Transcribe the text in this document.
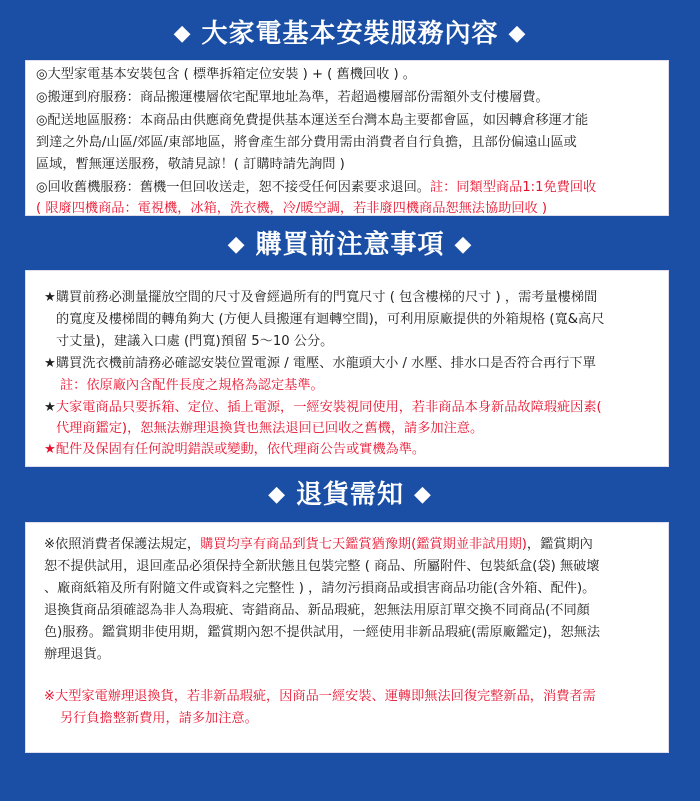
◆ 大家電基本安裝服務內容 ◆
◎大型家電基本安裝包含 ( 標準拆箱定位安裝 ) + ( 舊機回收 ) 。
◎搬運到府服務：商品搬運樓層依宅配單地址為準，若超過樓層部份需額外支付樓層費。
◎配送地區服務：本商品由供應商免費提供基本運送至台灣本島主要都會區，如因轉倉移運才能
到達之外島/山區/郊區/東部地區，將會產生部分費用需由消費者自行負擔，且部份偏遠山區或
區域，暫無運送服務，敬請見諒！( 訂購時請先詢問 )
◎回收舊機服務：舊機一但回收送走，恕不接受任何因素要求退回。註：同類型商品1:1免費回收
( 限廢四機商品：電視機，冰箱，洗衣機，冷/暖空調，若非廢四機商品恕無法協助回收 )
◆ 購買前注意事項 ◆
★購買前務必測量擺放空間的尺寸及會經過所有的門寬尺寸 ( 包含樓梯的尺寸 ) ，需考量樓梯間
的寬度及樓梯間的轉角夠大 (方便人員搬運有迴轉空間)，可利用原廠提供的外箱規格 (寬&高尺
寸丈量)，建議入口處 (門寬)預留 5～10 公分。
★購買洗衣機前請務必確認安裝位置電源 / 電壓、水龍頭大小 / 水壓、排水口是否符合再行下單
註：依原廠內含配件長度之規格為認定基準。
★大家電商品只要拆箱、定位、插上電源，一經安裝視同使用，若非商品本身新品故障瑕疵因素(
代理商鑑定)，恕無法辦理退換貨也無法退回已回收之舊機，請多加注意。
★配件及保固有任何說明錯誤或變動，依代理商公告或實機為準。
◆ 退貨需知 ◆
※依照消費者保護法規定，購買均享有商品到貨七天鑑賞猶豫期(鑑賞期並非試用期)，鑑賞期內
恕不提供試用，退回產品必須保持全新狀態且包裝完整 ( 商品、所屬附件、包裝紙盒(袋) 無破壞
、廠商紙箱及所有附隨文件或資料之完整性 ) ，請勿污損商品或損害商品功能(含外箱、配件)。
退換貨商品須確認為非人為瑕疵、寄錯商品、新品瑕疵，恕無法用原訂單交換不同商品(不同顏
色)服務。鑑賞期非使用期，鑑賞期內恕不提供試用，一經使用非新品瑕疵(需原廠鑑定)，恕無法
辦理退貨。
※大型家電辦理退換貨，若非新品瑕疵，因商品一經安裝、運轉即無法回復完整新品，消費者需
另行負擔整新費用，請多加注意。
